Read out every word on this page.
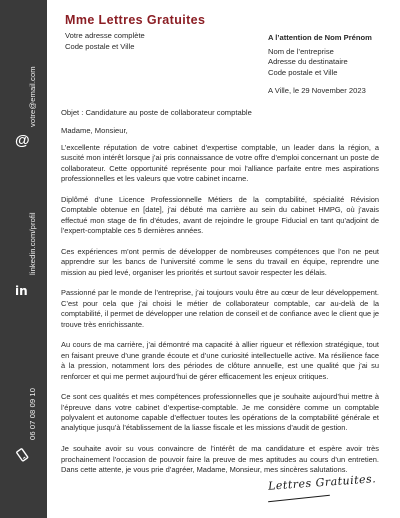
votre@email.com
@
linkedin.com/profil
in
06 07 08 09 10
Mme Lettres Gratuites
Votre adresse complète
Code postale et Ville
A l’attention de Nom Prénom
Nom de l’entreprise
Adresse du destinataire
Code postale et Ville
A Ville, le 29 November 2023
Objet : Candidature au poste de collaborateur comptable
Madame, Monsieur,

L’excellente réputation de votre cabinet d’expertise comptable, un leader dans la région, a suscité mon intérêt lorsque j’ai pris connaissance de votre offre d’emploi concernant un poste de collaborateur. Cette opportunité représente pour moi l’alliance parfaite entre mes aspirations professionnelles et les valeurs que votre cabinet incarne.

Diplômé d’une Licence Professionnelle Métiers de la comptabilité, spécialité Révision Comptable obtenue en [date], j’ai débuté ma carrière au sein du cabinet HMPG, où j’avais effectué mon stage de fin d’études, avant de rejoindre le groupe Fiducial en tant qu’adjoint de l’expert-comptable ces 5 dernières années.

Ces expériences m’ont permis de développer de nombreuses compétences que l’on ne peut apprendre sur les bancs de l’université comme le sens du travail en équipe, reprendre une mission au pied levé, organiser les priorités et surtout savoir respecter les délais.

Passionné par le monde de l’entreprise, j’ai toujours voulu être au cœur de leur développement. C’est pour cela que j’ai choisi le métier de collaborateur comptable, car au-delà de la comptabilité, il permet de développer une relation de conseil et de confiance avec le client que je trouve très enrichissante.

Au cours de ma carrière, j’ai démontré ma capacité à allier rigueur et réflexion stratégique, tout en faisant preuve d’une grande écoute et d’une curiosité intellectuelle active. Ma résilience face à la pression, notamment lors des périodes de clôture annuelle, est une qualité que j’ai su renforcer et qui me permet aujourd’hui de gérer efficacement les enjeux critiques.

Ce sont ces qualités et mes compétences professionnelles que je souhaite aujourd’hui mettre à l’épreuve dans votre cabinet d’expertise-comptable. Je me considère comme un comptable polyvalent et autonome capable d’effectuer toutes les opérations de la comptabilité générale et analytique jusqu’à l’établissement de la liasse fiscale et les missions d’audit de gestion.

Je souhaite avoir su vous convaincre de l’intérêt de ma candidature et espère avoir très prochainement l’occasion de pouvoir faire la preuve de mes aptitudes au cours d’un entretien. Dans cette attente, je vous prie d’agréer, Madame, Monsieur, mes sincères salutations.

Lettres Gratuites.
